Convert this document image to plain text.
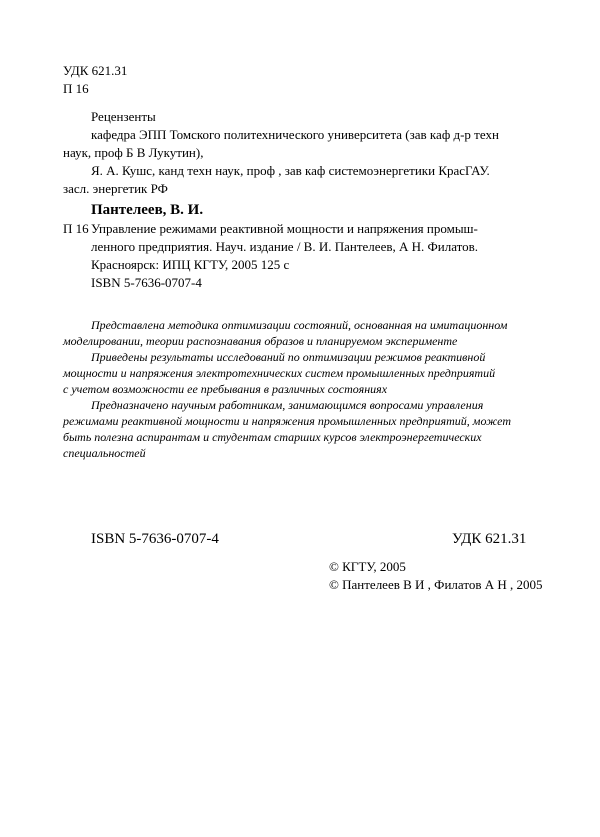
УДК 621.31
П 16
Рецензенты
кафедра ЭПП Томского политехнического университета (зав каф д-р техн
наук, проф Б В Лукутин),
Я. А. Кушс, канд техн наук, проф , зав каф системоэнергетики КрасГАУ.
засл. энергетик РФ
Пантелеев, В. И.
П 16 Управление режимами реактивной мощности и напряжения промыш-
ленного предприятия. Науч. издание / В. И. Пантелеев, А Н. Филатов.
Красноярск: ИПЦ КГТУ, 2005 125 с
ISBN 5-7636-0707-4
Представлена методика оптимизации состояний, основанная на имитационном
моделировании, теории распознавания образов и планируемом эксперименте
Приведены результаты исследований по оптимизации режимов реактивной
мощности и напряжения электротехнических систем промышленных предприятий
с учетом возможности ее пребывания в различных состояниях
Предназначено научным работникам, занимающимся вопросами управления
режимами реактивной мощности и напряжения промышленных предприятий, может
быть полезна аспирантам и студентам старших курсов электроэнергетических
специальностей
ISBN 5-7636-0707-4	УДК 621.31
© КГТУ, 2005
© Пантелеев В И , Филатов А Н , 2005
